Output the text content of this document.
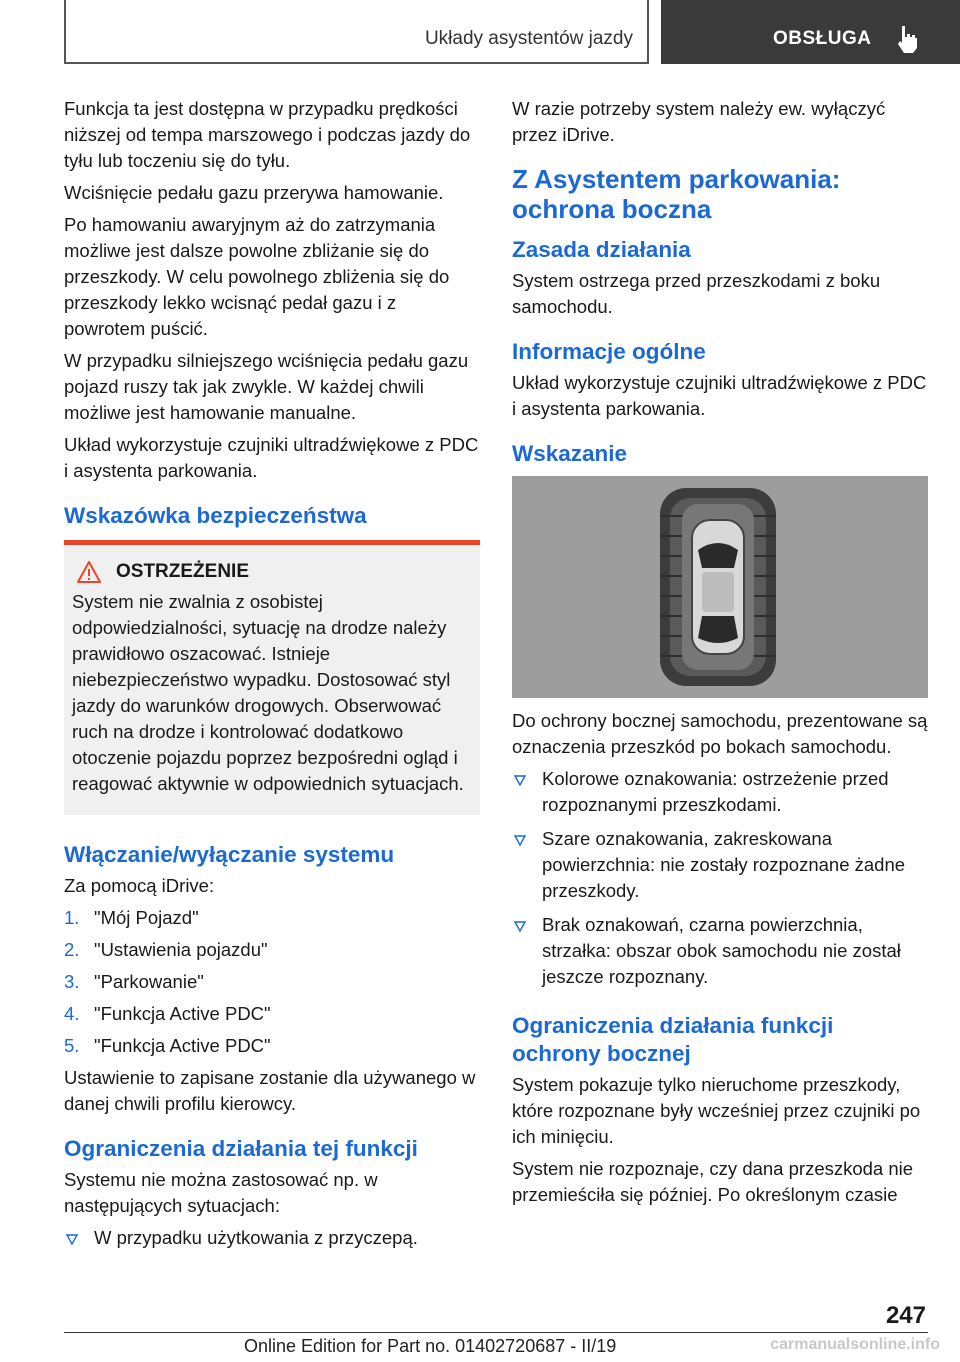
Układy asystentów jazdy	OBSŁUGA

Funkcja ta jest dostępna w przypadku prędkości niższej od tempa marszowego i podczas jazdy do tyłu lub toczeniu się do tyłu.

Wciśnięcie pedału gazu przerywa hamowanie.

Po hamowaniu awaryjnym aż do zatrzymania możliwe jest dalsze powolne zbliżanie się do przeszkody. W celu powolnego zbliżenia się do przeszkody lekko wcisnąć pedał gazu i z powrotem puścić.

W przypadku silniejszego wciśnięcia pedału gazu pojazd ruszy tak jak zwykle. W każdej chwili możliwe jest hamowanie manualne.

Układ wykorzystuje czujniki ultradźwiękowe z PDC i asystenta parkowania.

Wskazówka bezpieczeństwa
OSTRZEŻENIE
System nie zwalnia z osobistej odpowiedzialności, sytuację na drodze należy prawidłowo oszacować. Istnieje niebezpieczeństwo wypadku. Dostosować styl jazdy do warunków drogowych. Obserwować ruch na drodze i kontrolować dodatkowo otoczenie pojazdu poprzez bezpośredni ogląd i reagować aktywnie w odpowiednich sytuacjach.
Włączanie/wyłączanie systemu

Za pomocą iDrive:

1. "Mój Pojazd"
2. "Ustawienia pojazdu"
3. "Parkowanie"
4. "Funkcja Active PDC"
5. "Funkcja Active PDC"

Ustawienie to zapisane zostanie dla używanego w danej chwili profilu kierowcy.

Ograniczenia działania tej funkcji

Systemu nie można zastosować np. w następujących sytuacjach:

W przypadku użytkowania z przyczepą.

W razie potrzeby system należy ew. wyłączyć przez iDrive.

Z Asystentem parkowania: ochrona boczna
Zasada działania

System ostrzega przed przeszkodami z boku samochodu.

Informacje ogólne

Układ wykorzystuje czujniki ultradźwiękowe z PDC i asystenta parkowania.

Wskazanie

Do ochrony bocznej samochodu, prezentowane są oznaczenia przeszkód po bokach samochodu.

Kolorowe oznakowania: ostrzeżenie przed rozpoznanymi przeszkodami.
Szare oznakowania, zakreskowana powierzchnia: nie zostały rozpoznane żadne przeszkody.
Brak oznakowań, czarna powierzchnia, strzałka: obszar obok samochodu nie został jeszcze rozpoznany.
Ograniczenia działania funkcji ochrony bocznej

System pokazuje tylko nieruchome przeszkody, które rozpoznane były wcześniej przez czujniki po ich minięciu.

System nie rozpoznaje, czy dana przeszkoda nie przemieściła się później. Po określonym czasie

247
Online Edition for Part no. 01402720687 - II/19	carmanualsonline.info
